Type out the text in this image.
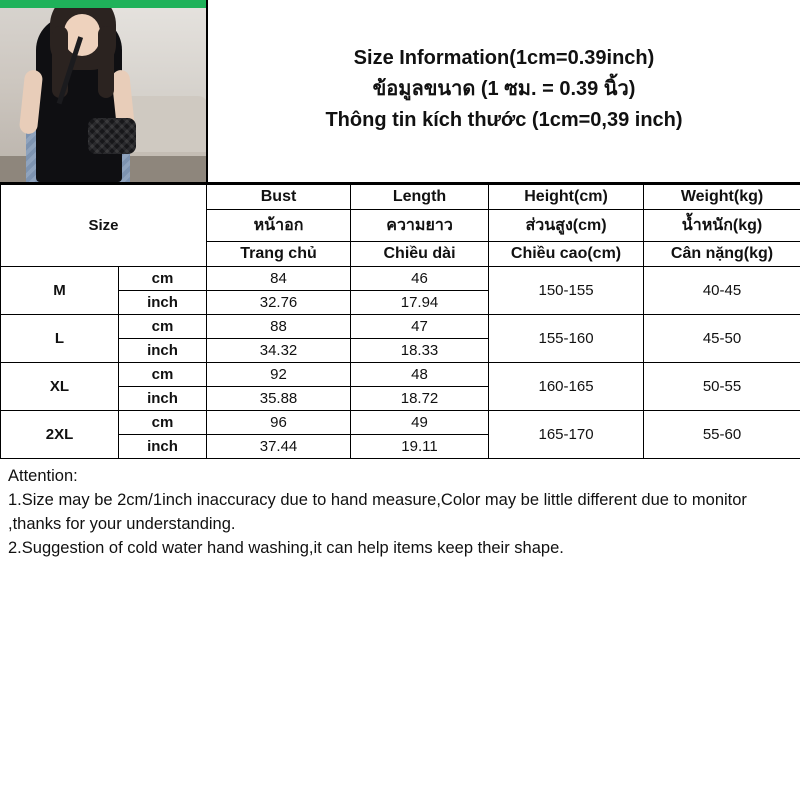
Size Information(1cm=0.39inch)
ข้อมูลขนาด (1 ซม. = 0.39 นิ้ว)
Thông tin kích thước (1cm=0,39 inch)
Size		Bust	Length	Height(cm)	Weight(kg)
		หน้าอก	ความยาว	ส่วนสูง(cm)	น้ำหนัก(kg)
		Trang chủ	Chiều dài	Chiều cao(cm)	Cân nặng(kg)
M	cm	84	46	150-155	40-45
	inch	32.76	17.94		
L	cm	88	47	155-160	45-50
	inch	34.32	18.33		
XL	cm	92	48	160-165	50-55
	inch	35.88	18.72		
2XL	cm	96	49	165-170	55-60
	inch	37.44	19.11		

Attention:

1.Size may be 2cm/1inch inaccuracy due to hand measure,Color may be little different due to monitor ,thanks for your understanding.

2.Suggestion of cold water hand washing,it can help items keep their shape.
